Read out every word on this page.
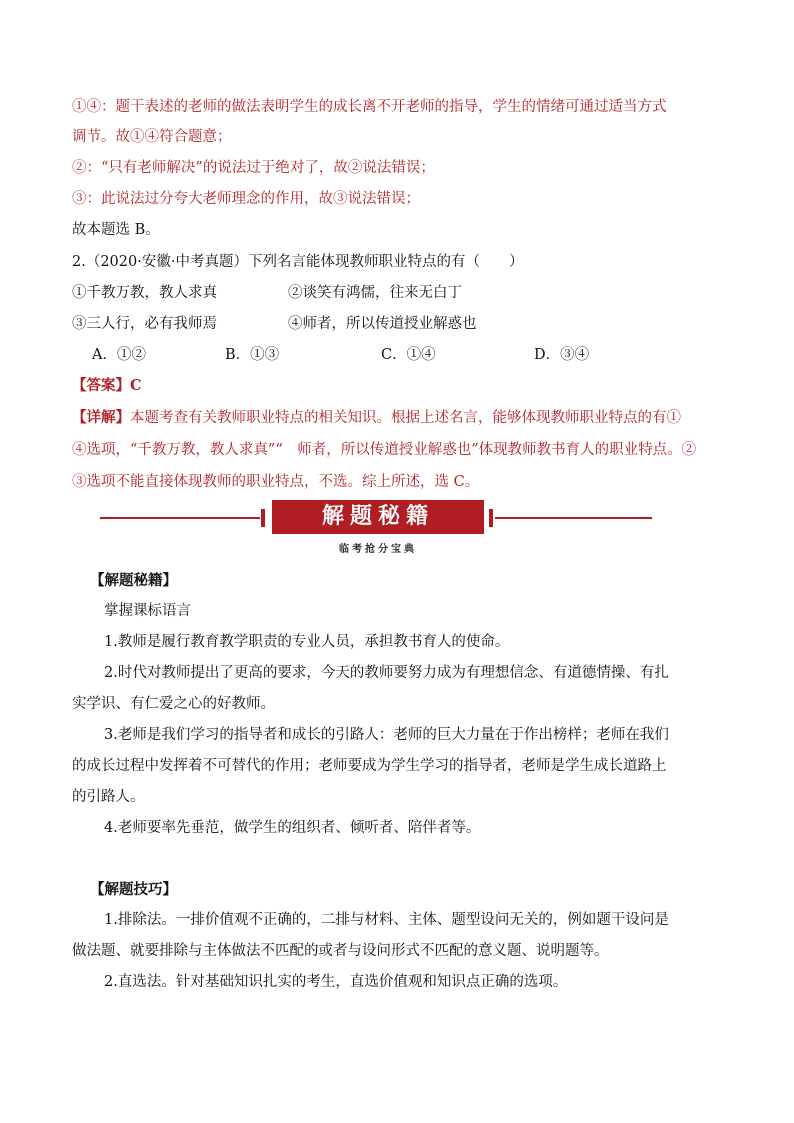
①④：题干表述的老师的做法表明学生的成长离不开老师的指导，学生的情绪可通过适当方式
调节。故①④符合题意；
②：“只有老师解决”的说法过于绝对了，故②说法错误；
③：此说法过分夸大老师理念的作用，故③说法错误；
故本题选 B。
2.（2020·安徽·中考真题）下列名言能体现教师职业特点的有（　　）
①千教万教，教人求真	②谈笑有鸿儒，往来无白丁
③三人行，必有我师焉	④师者，所以传道授业解惑也
A．①②	B．①③	C．①④	D．③④
【答案】C
【详解】本题考查有关教师职业特点的相关知识。根据上述名言，能够体现教师职业特点的有①
④选项，“千教万教，教人求真”“　师者，所以传道授业解惑也”体现教师教书育人的职业特点。②
③选项不能直接体现教师的职业特点，不选。综上所述，选 C。
解题秘籍
临考抢分宝典
【解题秘籍】
掌握课标语言
1.教师是履行教育教学职责的专业人员，承担教书育人的使命。
2.时代对教师提出了更高的要求，今天的教师要努力成为有理想信念、有道德情操、有扎
实学识、有仁爱之心的好教师。
3.老师是我们学习的指导者和成长的引路人：老师的巨大力量在于作出榜样；老师在我们
的成长过程中发挥着不可替代的作用；老师要成为学生学习的指导者，老师是学生成长道路上
的引路人。
4.老师要率先垂范，做学生的组织者、倾听者、陪伴者等。
【解题技巧】
1.排除法。一排价值观不正确的，二排与材料、主体、题型设问无关的，例如题干设问是
做法题、就要排除与主体做法不匹配的或者与设问形式不匹配的意义题、说明题等。
2.直选法。针对基础知识扎实的考生，直选价值观和知识点正确的选项。
